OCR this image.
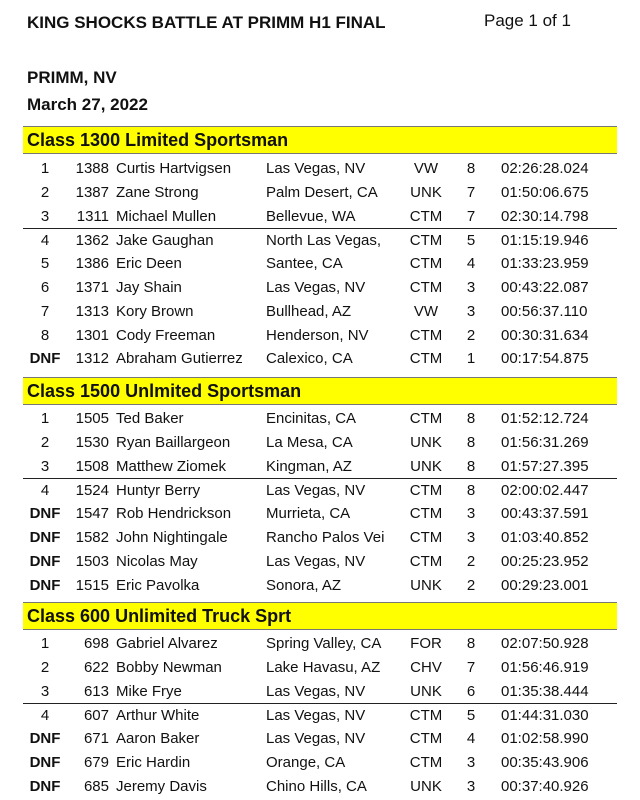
KING SHOCKS BATTLE AT PRIMM H1 FINAL	Page 1 of 1
PRIMM, NV
March 27, 2022
Class 1300 Limited Sportsman
1	1388 Curtis Hartvigsen	Las Vegas, NV	VW	8	02:26:28.024
2	1387 Zane Strong	Palm Desert, CA	UNK	7	01:50:06.675
3	1311 Michael Mullen	Bellevue, WA	CTM	7	02:30:14.798
4	1362 Jake Gaughan	North Las Vegas,	CTM	5	01:15:19.946
5	1386 Eric Deen	Santee, CA	CTM	4	01:33:23.959
6	1371 Jay Shain	Las Vegas, NV	CTM	3	00:43:22.087
7	1313 Kory Brown	Bullhead, AZ	VW	3	00:56:37.110
8	1301 Cody Freeman	Henderson, NV	CTM	2	00:30:31.634
DNF	1312 Abraham Gutierrez	Calexico, CA	CTM	1	00:17:54.875
Class 1500 Unlmited Sportsman
1	1505 Ted Baker	Encinitas, CA	CTM	8	01:52:12.724
2	1530 Ryan Baillargeon	La Mesa, CA	UNK	8	01:56:31.269
3	1508 Matthew Ziomek	Kingman, AZ	UNK	8	01:57:27.395
4	1524 Huntyr Berry	Las Vegas, NV	CTM	8	02:00:02.447
DNF	1547 Rob Hendrickson	Murrieta, CA	CTM	3	00:43:37.591
DNF	1582 John Nightingale	Rancho Palos Vei	CTM	3	01:03:40.852
DNF	1503 Nicolas May	Las Vegas, NV	CTM	2	00:25:23.952
DNF	1515 Eric Pavolka	Sonora, AZ	UNK	2	00:29:23.001
Class 600 Unlimited Truck Sprt
1	698 Gabriel Alvarez	Spring Valley, CA	FOR	8	02:07:50.928
2	622 Bobby Newman	Lake Havasu, AZ	CHV	7	01:56:46.919
3	613 Mike Frye	Las Vegas, NV	UNK	6	01:35:38.444
4	607 Arthur White	Las Vegas, NV	CTM	5	01:44:31.030
DNF	671 Aaron Baker	Las Vegas, NV	CTM	4	01:02:58.990
DNF	679 Eric Hardin	Orange, CA	CTM	3	00:35:43.906
DNF	685 Jeremy Davis	Chino Hills, CA	UNK	3	00:37:40.926
